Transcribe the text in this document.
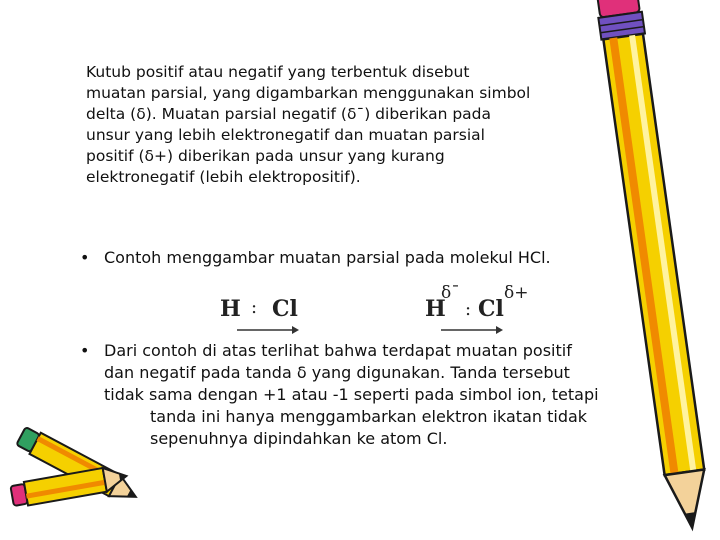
Kutub positif atau negatif yang terbentuk disebut
muatan parsial, yang digambarkan menggunakan simbol
delta (δ). Muatan parsial negatif (δ¯) diberikan pada
unsur yang lebih elektronegatif dan muatan parsial
positif (δ+) diberikan pada unsur yang kurang
elektronegatif (lebih elektropositif).
• Contoh menggambar muatan parsial pada molekul HCl.
H : Cl	H
δ¯
: Cl
δ+
• Dari contoh di atas terlihat bahwa terdapat muatan positif
dan negatif pada tanda δ yang digunakan. Tanda tersebut
tidak sama dengan +1 atau -1 seperti pada simbol ion, tetapi
tanda ini hanya menggambarkan elektron ikatan tidak
sepenuhnya dipindahkan ke atom Cl.
